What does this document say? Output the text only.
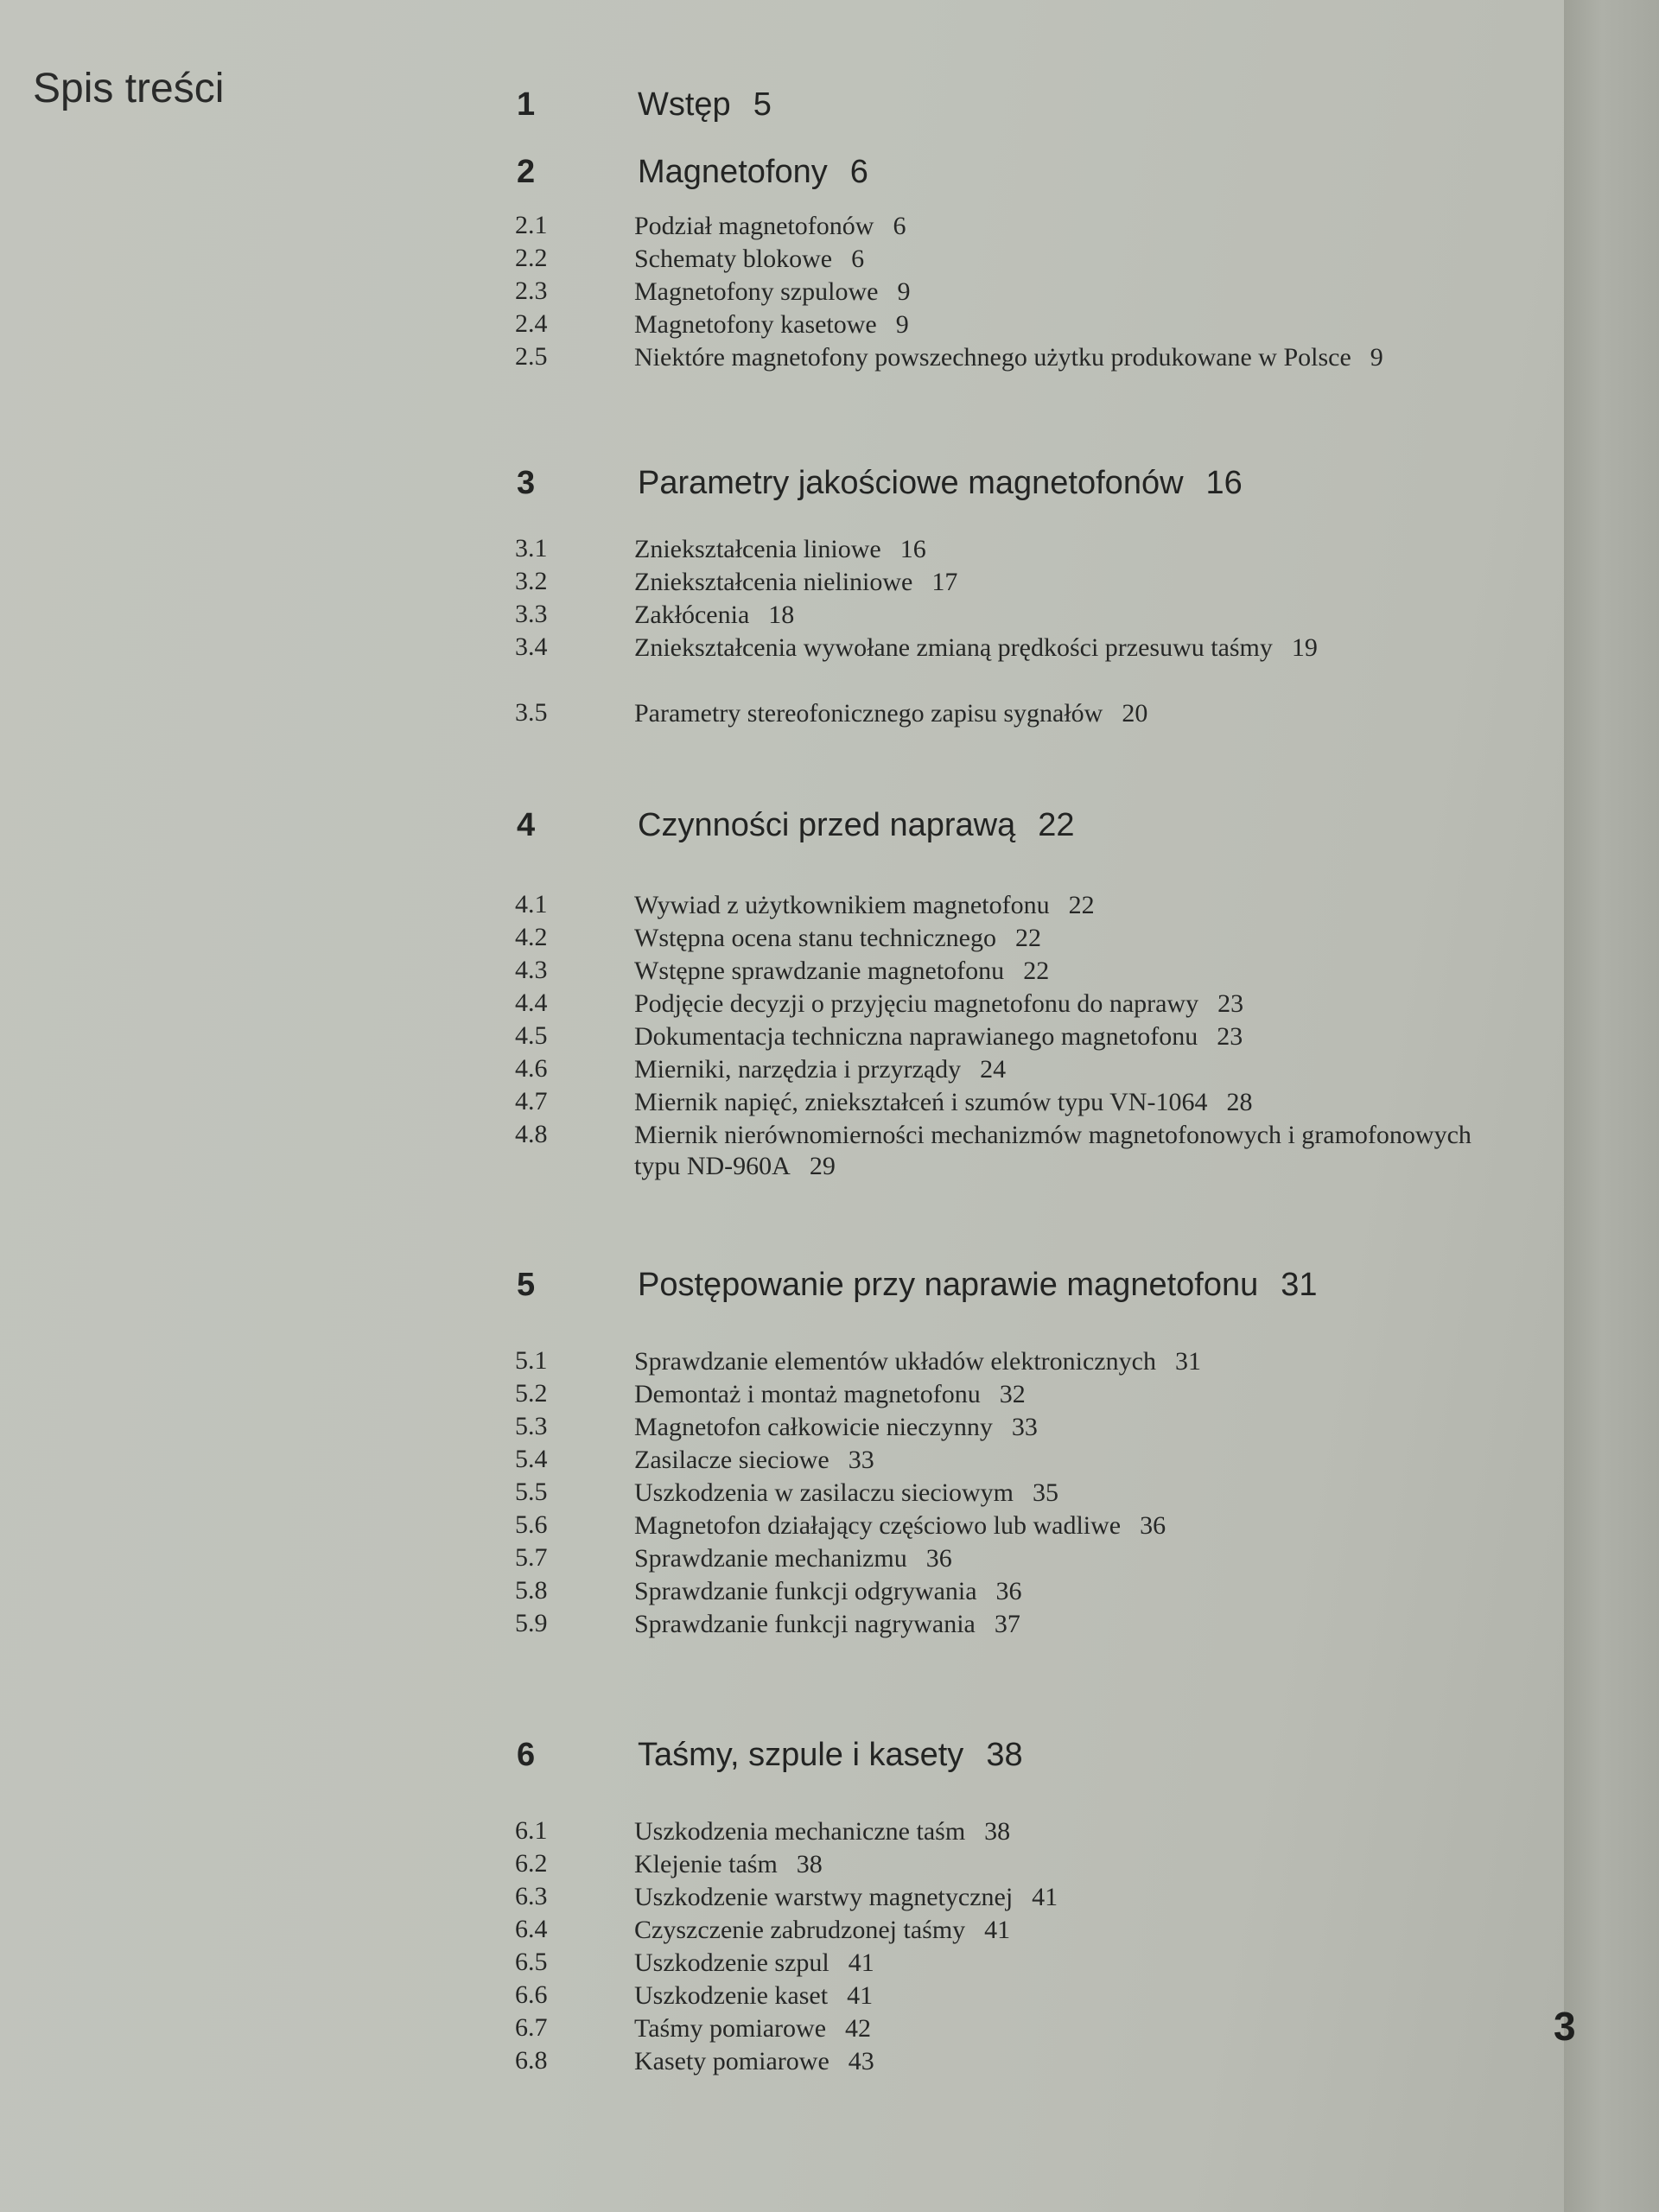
Spis treści	1	Wstęp 5
2	Magnetofony 6
2.1	Podział magnetofonów 6
2.2	Schematy blokowe 6
2.3	Magnetofony szpulowe 9
2.4	Magnetofony kasetowe 9
2.5	Niektóre magnetofony powszechnego użytku produkowane w Polsce 9
3	Parametry jakościowe magnetofonów 16
3.1	Zniekształcenia liniowe 16
3.2	Zniekształcenia nieliniowe 17
3.3	Zakłócenia 18
3.4	Zniekształcenia wywołane zmianą prędkości przesuwu taśmy 19
3.5	Parametry stereofonicznego zapisu sygnałów 20
4	Czynności przed naprawą 22
4.1	Wywiad z użytkownikiem magnetofonu 22
4.2	Wstępna ocena stanu technicznego 22
4.3	Wstępne sprawdzanie magnetofonu 22
4.4	Podjęcie decyzji o przyjęciu magnetofonu do naprawy 23
4.5	Dokumentacja techniczna naprawianego magnetofonu 23
4.6	Mierniki, narzędzia i przyrządy 24
4.7	Miernik napięć, zniekształceń i szumów typu VN-1064 28
4.8	Miernik nierównomierności mechanizmów magnetofonowych i gramofonowych typu ND-960A 29
5	Postępowanie przy naprawie magnetofonu 31
5.1	Sprawdzanie elementów układów elektronicznych 31
5.2	Demontaż i montaż magnetofonu 32
5.3	Magnetofon całkowicie nieczynny 33
5.4	Zasilacze sieciowe 33
5.5	Uszkodzenia w zasilaczu sieciowym 35
5.6	Magnetofon działający częściowo lub wadliwe 36
5.7	Sprawdzanie mechanizmu 36
5.8	Sprawdzanie funkcji odgrywania 36
5.9	Sprawdzanie funkcji nagrywania 37
6	Taśmy, szpule i kasety 38
6.1	Uszkodzenia mechaniczne taśm 38
6.2	Klejenie taśm 38
6.3	Uszkodzenie warstwy magnetycznej 41
6.4	Czyszczenie zabrudzonej taśmy 41
6.5	Uszkodzenie szpul 41
6.6	Uszkodzenie kaset 41
6.7	Taśmy pomiarowe 42
6.8	Kasety pomiarowe 43
3
